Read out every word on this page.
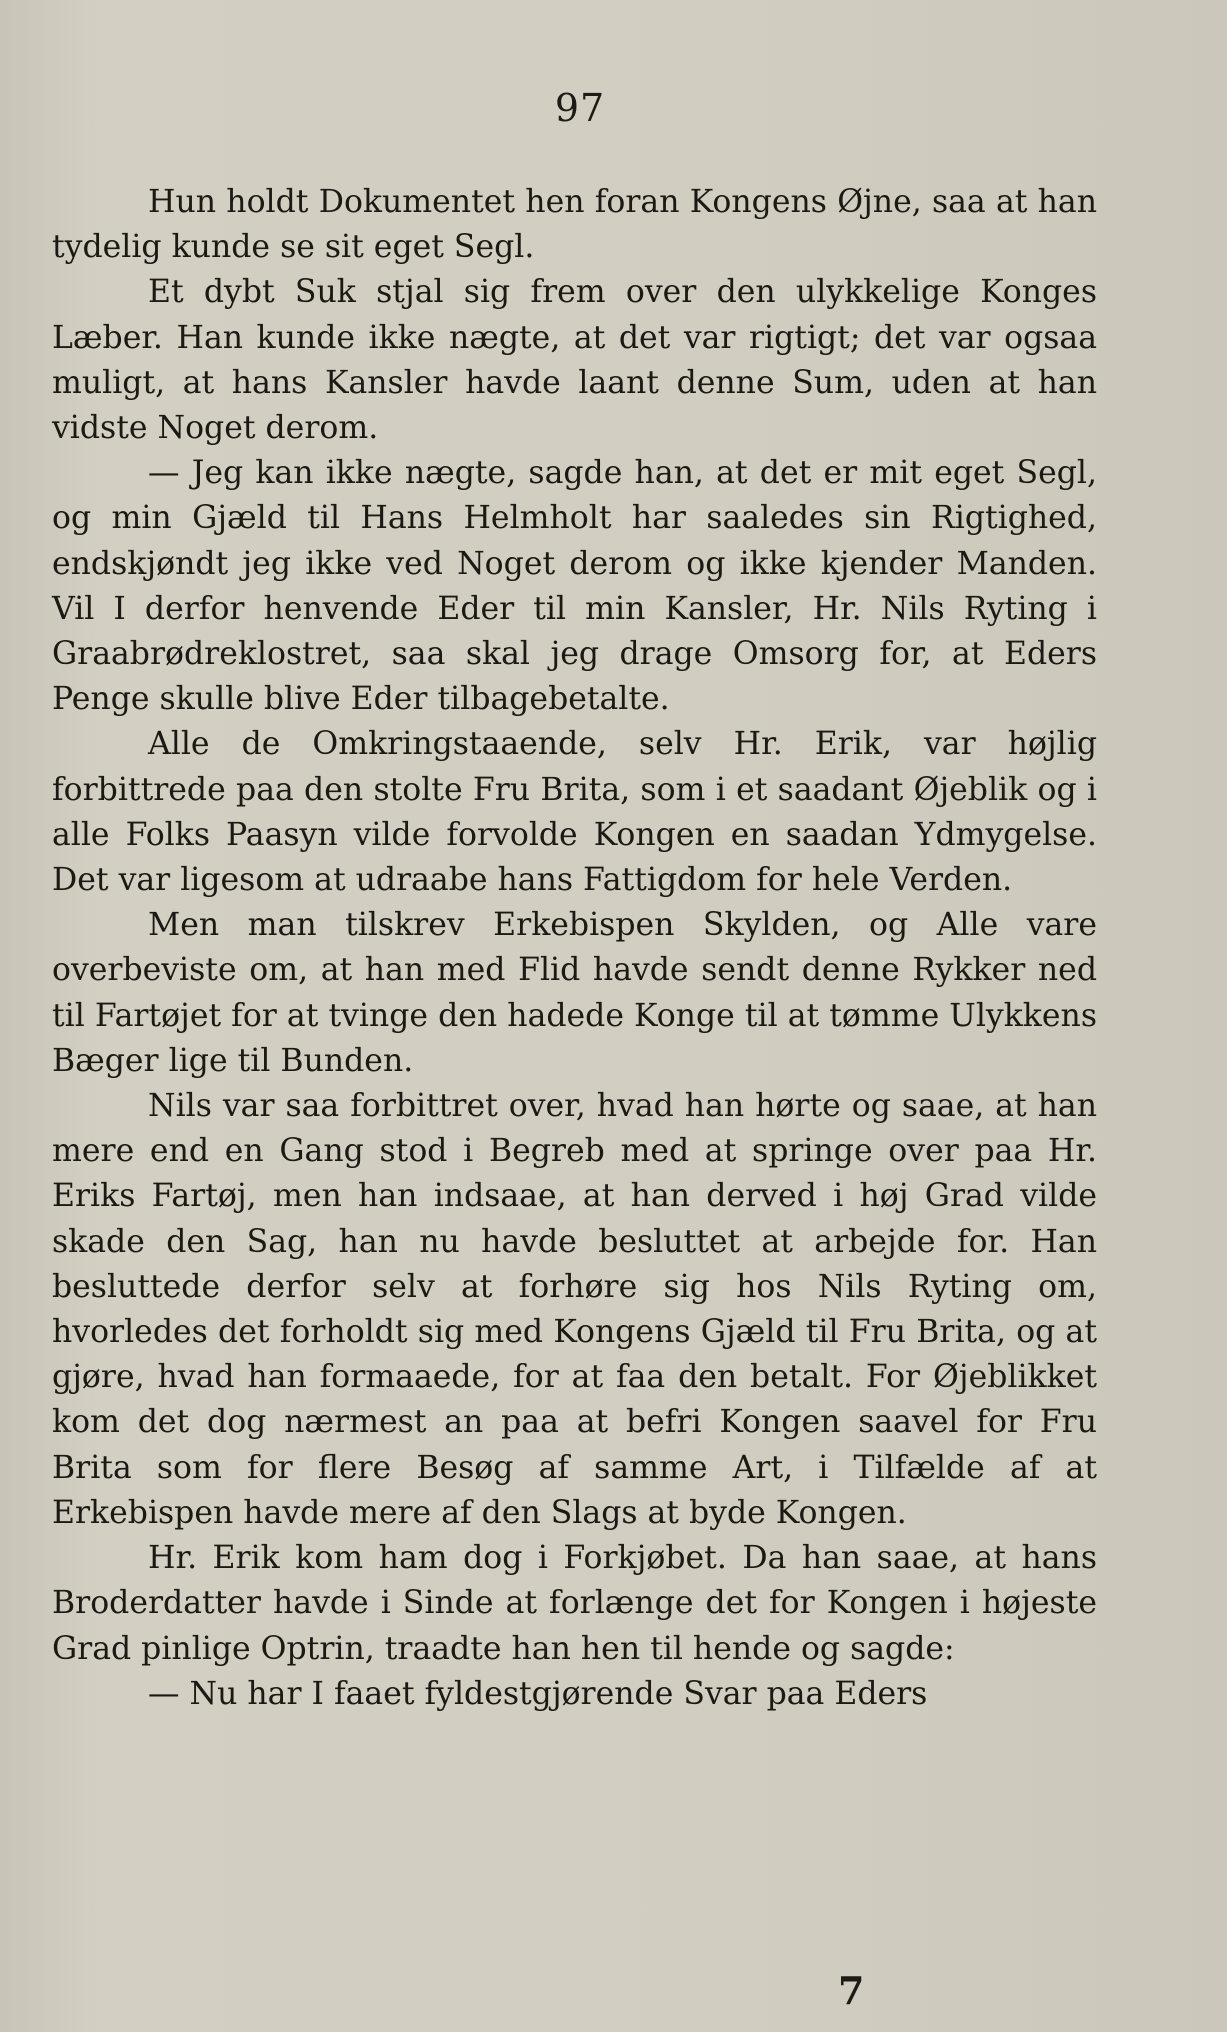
97

Hun holdt Dokumentet hen foran Kongens Øjne, saa at han tydelig kunde se sit eget Segl.

Et dybt Suk stjal sig frem over den ulykkelige Konges Læber. Han kunde ikke nægte, at det var rigtigt; det var ogsaa muligt, at hans Kansler havde laant denne Sum, uden at han vidste Noget derom.

— Jeg kan ikke nægte, sagde han, at det er mit eget Segl, og min Gjæld til Hans Helmholt har saaledes sin Rigtighed, endskjøndt jeg ikke ved Noget derom og ikke kjender Manden. Vil I derfor henvende Eder til min Kansler, Hr. Nils Ryting i Graabrødreklostret, saa skal jeg drage Omsorg for, at Eders Penge skulle blive Eder tilbagebetalte.

Alle de Omkringstaaende, selv Hr. Erik, var højlig forbittrede paa den stolte Fru Brita, som i et saadant Øjeblik og i alle Folks Paasyn vilde forvolde Kongen en saadan Ydmygelse. Det var ligesom at udraabe hans Fattigdom for hele Verden.

Men man tilskrev Erkebispen Skylden, og Alle vare overbeviste om, at han med Flid havde sendt denne Rykker ned til Fartøjet for at tvinge den hadede Konge til at tømme Ulykkens Bæger lige til Bunden.

Nils var saa forbittret over, hvad han hørte og saae, at han mere end en Gang stod i Begreb med at springe over paa Hr. Eriks Fartøj, men han indsaae, at han derved i høj Grad vilde skade den Sag, han nu havde besluttet at arbejde for. Han besluttede derfor selv at forhøre sig hos Nils Ryting om, hvorledes det forholdt sig med Kongens Gjæld til Fru Brita, og at gjøre, hvad han formaaede, for at faa den betalt. For Øjeblikket kom det dog nærmest an paa at befri Kongen saavel for Fru Brita som for flere Besøg af samme Art, i Tilfælde af at Erkebispen havde mere af den Slags at byde Kongen.

Hr. Erik kom ham dog i Forkjøbet. Da han saae, at hans Broderdatter havde i Sinde at forlænge det for Kongen i højeste Grad pinlige Optrin, traadte han hen til hende og sagde:

— Nu har I faaet fyldestgjørende Svar paa Eders

7
